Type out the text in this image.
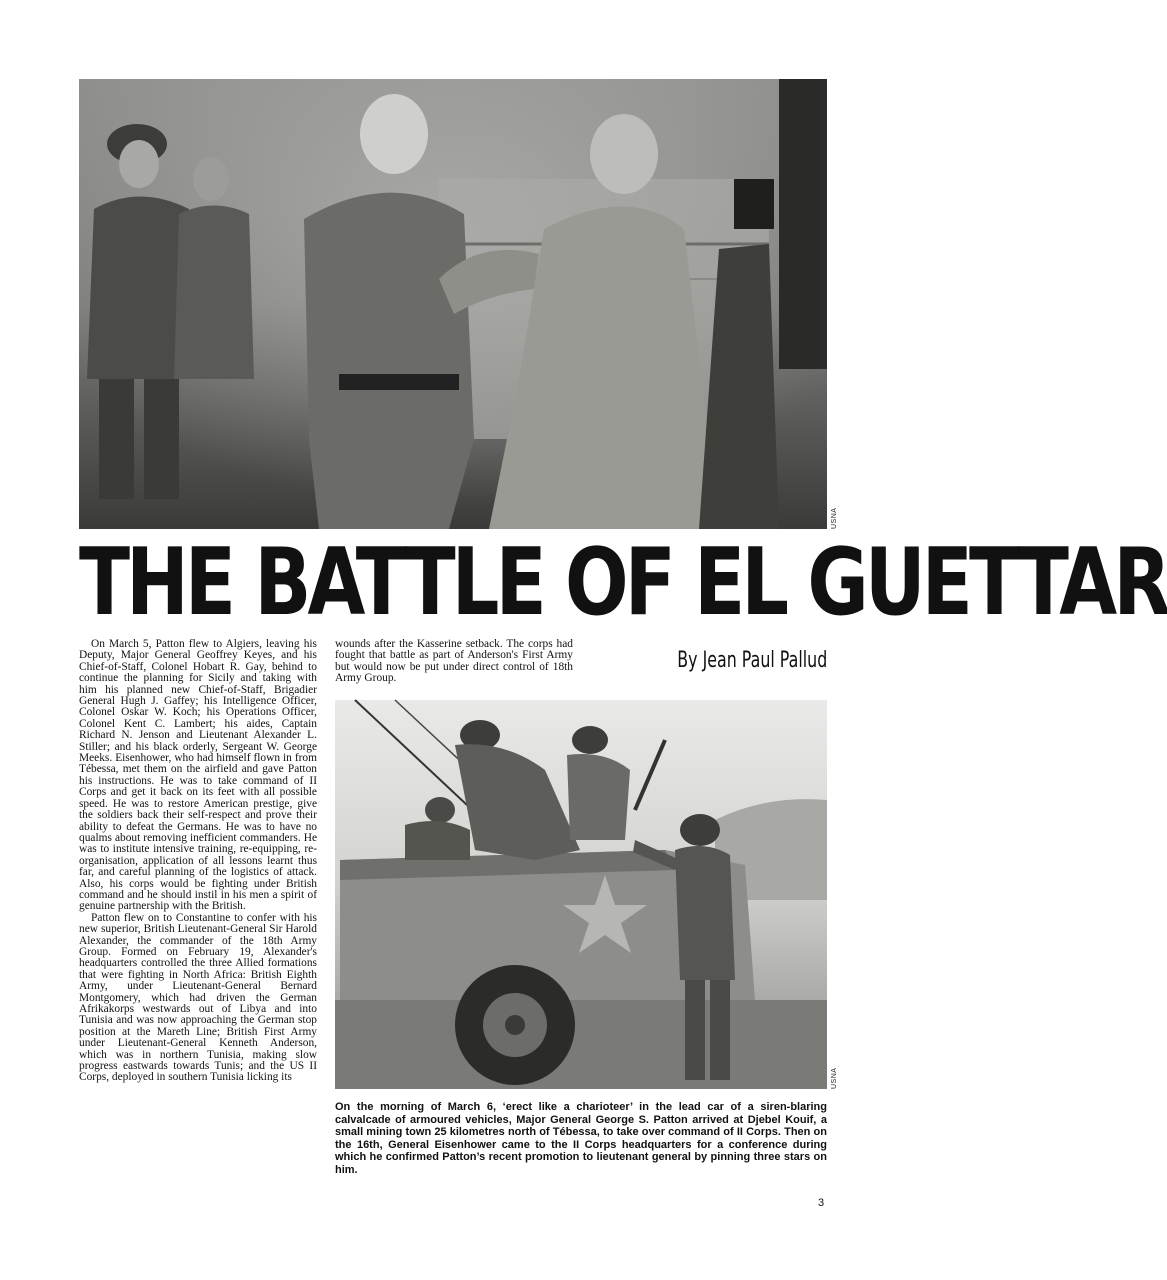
USNA
THE BATTLE OF EL GUETTAR
By Jean Paul Pallud

On March 5, Patton flew to Algiers, leaving his Deputy, Major General Geoffrey Keyes, and his Chief-of-Staff, Colonel Hobart R. Gay, behind to continue the planning for Sicily and taking with him his planned new Chief-of-Staff, Brigadier General Hugh J. Gaffey; his Intelligence Officer, Colonel Oskar W. Koch; his Operations Officer, Colonel Kent C. Lambert; his aides, Captain Richard N. Jenson and Lieutenant Alexander L. Stiller; and his black orderly, Sergeant W. George Meeks. Eisenhower, who had himself flown in from Tébessa, met them on the airfield and gave Patton his instructions. He was to take command of II Corps and get it back on its feet with all possible speed. He was to restore American prestige, give the soldiers back their self-respect and prove their ability to defeat the Germans. He was to have no qualms about removing inefficient commanders. He was to institute intensive training, re-equipping, re-organisation, application of all lessons learnt thus far, and careful planning of the logistics of attack. Also, his corps would be fighting under British command and he should instil in his men a spirit of genuine partnership with the British.

Patton flew on to Constantine to confer with his new superior, British Lieutenant-General Sir Harold Alexander, the commander of the 18th Army Group. Formed on February 19, Alexander's headquarters controlled the three Allied formations that were fighting in North Africa: British Eighth Army, under Lieutenant-General Bernard Montgomery, which had driven the German Afrikakorps westwards out of Libya and into Tunisia and was now approaching the German stop position at the Mareth Line; British First Army under Lieutenant-General Kenneth Anderson, which was in northern Tunisia, making slow progress eastwards towards Tunis; and the US II Corps, deployed in southern Tunisia licking its

wounds after the Kasserine setback. The corps had fought that battle as part of Anderson's First Army but would now be put under direct control of 18th Army Group.

USNA

On the morning of March 6, ‘erect like a charioteer’ in the lead car of a siren-blaring calvalcade of armoured vehicles, Major General George S. Patton arrived at Djebel Kouif, a small mining town 25 kilometres north of Tébessa, to take over command of II Corps. Then on the 16th, General Eisenhower came to the II Corps headquarters for a conference during which he confirmed Patton’s recent promotion to lieutenant general by pinning three stars on him.

3
